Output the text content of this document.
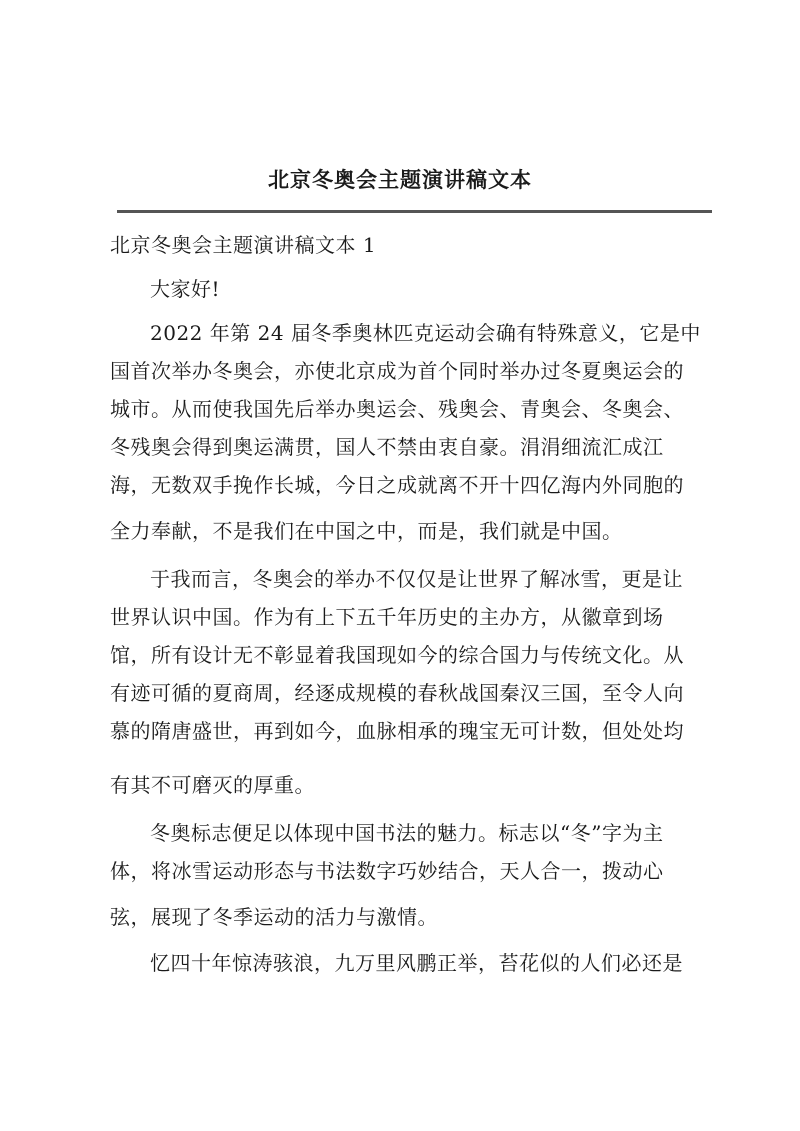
北京冬奥会主题演讲稿文本
北京冬奥会主题演讲稿文本 1
大家好!
2022 年第 24 届冬季奥林匹克运动会确有特殊意义，它是中
国首次举办冬奥会，亦使北京成为首个同时举办过冬夏奥运会的
城市。从而使我国先后举办奥运会、残奥会、青奥会、冬奥会、
冬残奥会得到奥运满贯，国人不禁由衷自豪。涓涓细流汇成江
海，无数双手挽作长城，今日之成就离不开十四亿海内外同胞的
全力奉献，不是我们在中国之中，而是，我们就是中国。
于我而言，冬奥会的举办不仅仅是让世界了解冰雪，更是让
世界认识中国。作为有上下五千年历史的主办方，从徽章到场
馆，所有设计无不彰显着我国现如今的综合国力与传统文化。从
有迹可循的夏商周，经逐成规模的春秋战国秦汉三国，至令人向
慕的隋唐盛世，再到如今，血脉相承的瑰宝无可计数，但处处均
有其不可磨灭的厚重。
冬奥标志便足以体现中国书法的魅力。标志以“冬”字为主
体，将冰雪运动形态与书法数字巧妙结合，天人合一，拨动心
弦，展现了冬季运动的活力与激情。
忆四十年惊涛骇浪，九万里风鹏正举，苔花似的人们必还是
